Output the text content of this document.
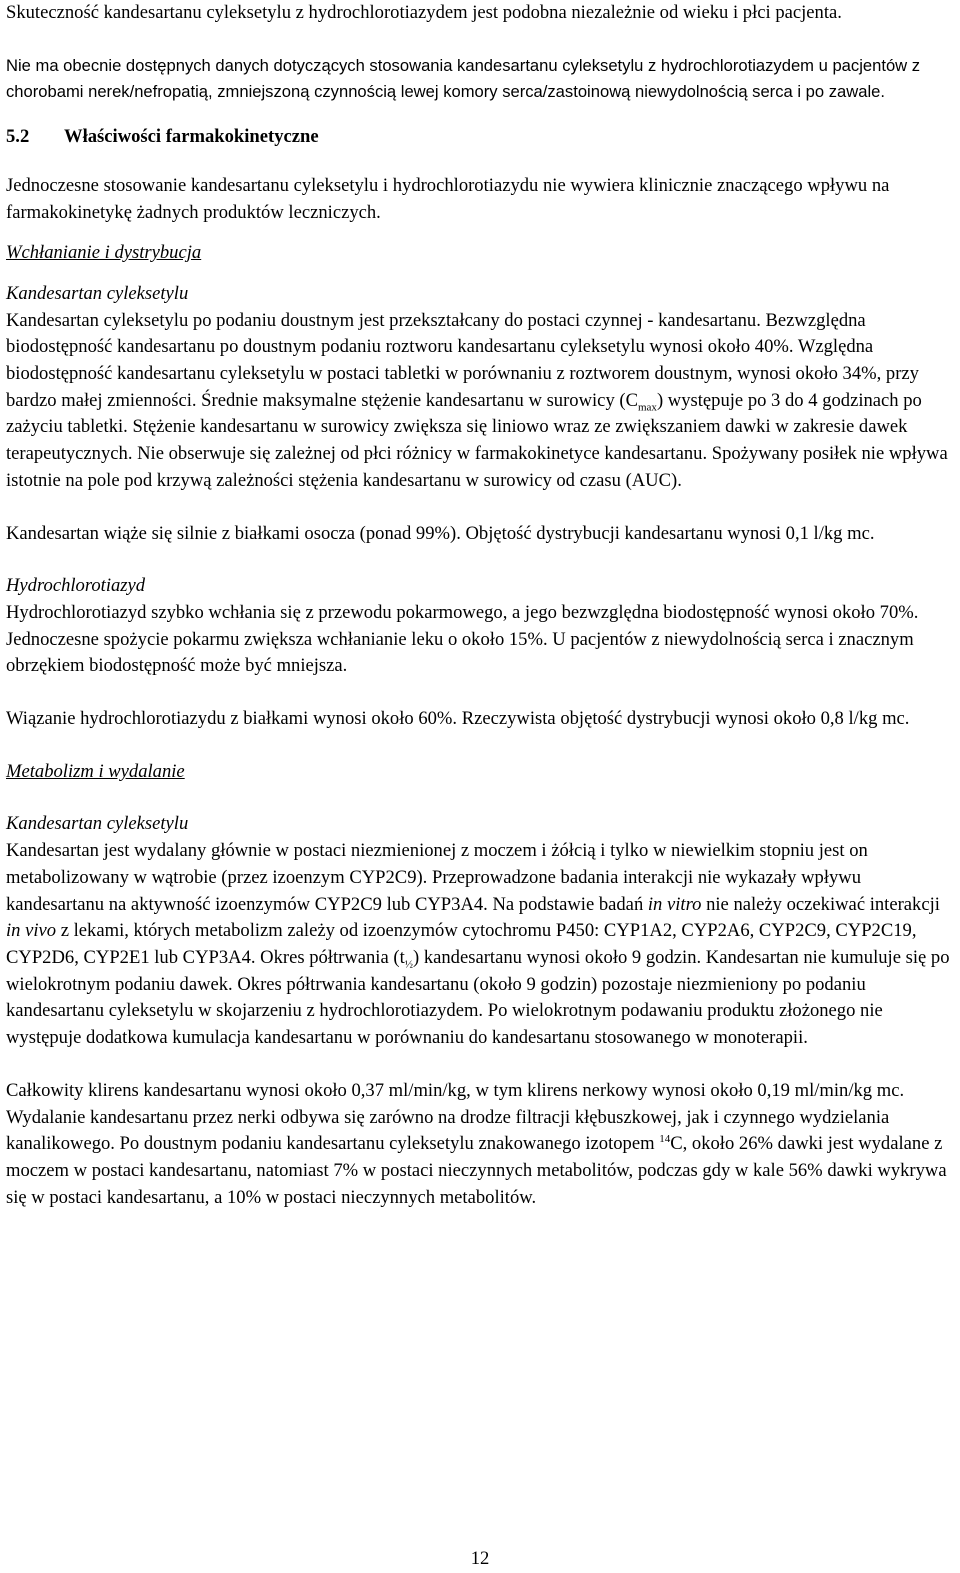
Skuteczność kandesartanu cyleksetylu z hydrochlorotiazydem jest podobna niezależnie od wieku i płci pacjenta.

Nie ma obecnie dostępnych danych dotyczących stosowania kandesartanu cyleksetylu z hydrochlorotiazydem u pacjentów z chorobami nerek/nefropatią, zmniejszoną czynnością lewej komory serca/zastoinową niewydolnością serca i po zawale.

5.2 Właściwości farmakokinetyczne

Jednoczesne stosowanie kandesartanu cyleksetylu i hydrochlorotiazydu nie wywiera klinicznie znaczącego wpływu na farmakokinetykę żadnych produktów leczniczych.

Wchłanianie i dystrybucja

Kandesartan cyleksetylu

Kandesartan cyleksetylu po podaniu doustnym jest przekształcany do postaci czynnej - kandesartanu. Bezwzględna biodostępność kandesartanu po doustnym podaniu roztworu kandesartanu cyleksetylu wynosi około 40%. Względna biodostępność kandesartanu cyleksetylu w postaci tabletki w porównaniu z roztworem doustnym, wynosi około 34%, przy bardzo małej zmienności. Średnie maksymalne stężenie kandesartanu w surowicy $(C_{max})$ występuje po 3 do 4 godzinach po zażyciu tabletki. Stężenie kandesartanu w surowicy zwiększa się liniowo wraz ze zwiększaniem dawki w zakresie dawek terapeutycznych. Nie obserwuje się zależnej od płci różnicy w farmakokinetyce kandesartanu. Spożywany posiłek nie wpływa istotnie na pole pod krzywą zależności stężenia kandesartanu w surowicy od czasu (AUC).

Kandesartan wiąże się silnie z białkami osocza (ponad 99%). Objętość dystrybucji kandesartanu wynosi 0,1 l/kg mc.

Hydrochlorotiazyd

Hydrochlorotiazyd szybko wchłania się z przewodu pokarmowego, a jego bezwzględna biodostępność wynosi około 70%. Jednoczesne spożycie pokarmu zwiększa wchłanianie leku o około 15%. U pacjentów z niewydolnością serca i znacznym obrzękiem biodostępność może być mniejsza.

Wiązanie hydrochlorotiazydu z białkami wynosi około 60%. Rzeczywista objętość dystrybucji wynosi około 0,8 l/kg mc.

Metabolizm i wydalanie

Kandesartan cyleksetylu

Kandesartan jest wydalany głównie w postaci niezmienionej z moczem i żółcią i tylko w niewielkim stopniu jest on metabolizowany w wątrobie (przez izoenzym CYP2C9). Przeprowadzone badania interakcji nie wykazały wpływu kandesartanu na aktywność izoenzymów CYP2C9 lub CYP3A4. Na podstawie badań in vitro nie należy oczekiwać interakcji in vivo z lekami, których metabolizm zależy od izoenzymów cytochromu P450: CYP1A2, CYP2A6, CYP2C9, CYP2C19, CYP2D6, CYP2E1 lub CYP3A4. Okres półtrwania $(t_{\frac{1}{2}})$ kandesartanu wynosi około 9 godzin. Kandesartan nie kumuluje się po wielokrotnym podaniu dawek. Okres półtrwania kandesartanu (około 9 godzin) pozostaje niezmieniony po podaniu kandesartanu cyleksetylu w skojarzeniu z hydrochlorotiazydem. Po wielokrotnym podawaniu produktu złożonego nie występuje dodatkowa kumulacja kandesartanu w porównaniu do kandesartanu stosowanego w monoterapii.

Całkowity klirens kandesartanu wynosi około 0,37 ml/min/kg, w tym klirens nerkowy wynosi około 0,19 ml/min/kg mc. Wydalanie kandesartanu przez nerki odbywa się zarówno na drodze filtracji kłębuszkowej, jak i czynnego wydzielania kanalikowego. Po doustnym podaniu kandesartanu cyleksetylu znakowanego izotopem $^{14}$C, około 26% dawki jest wydalane z moczem w postaci kandesartanu, natomiast 7% w postaci nieczynnych metabolitów, podczas gdy w kale 56% dawki wykrywa się w postaci kandesartanu, a 10% w postaci nieczynnych metabolitów.

12
